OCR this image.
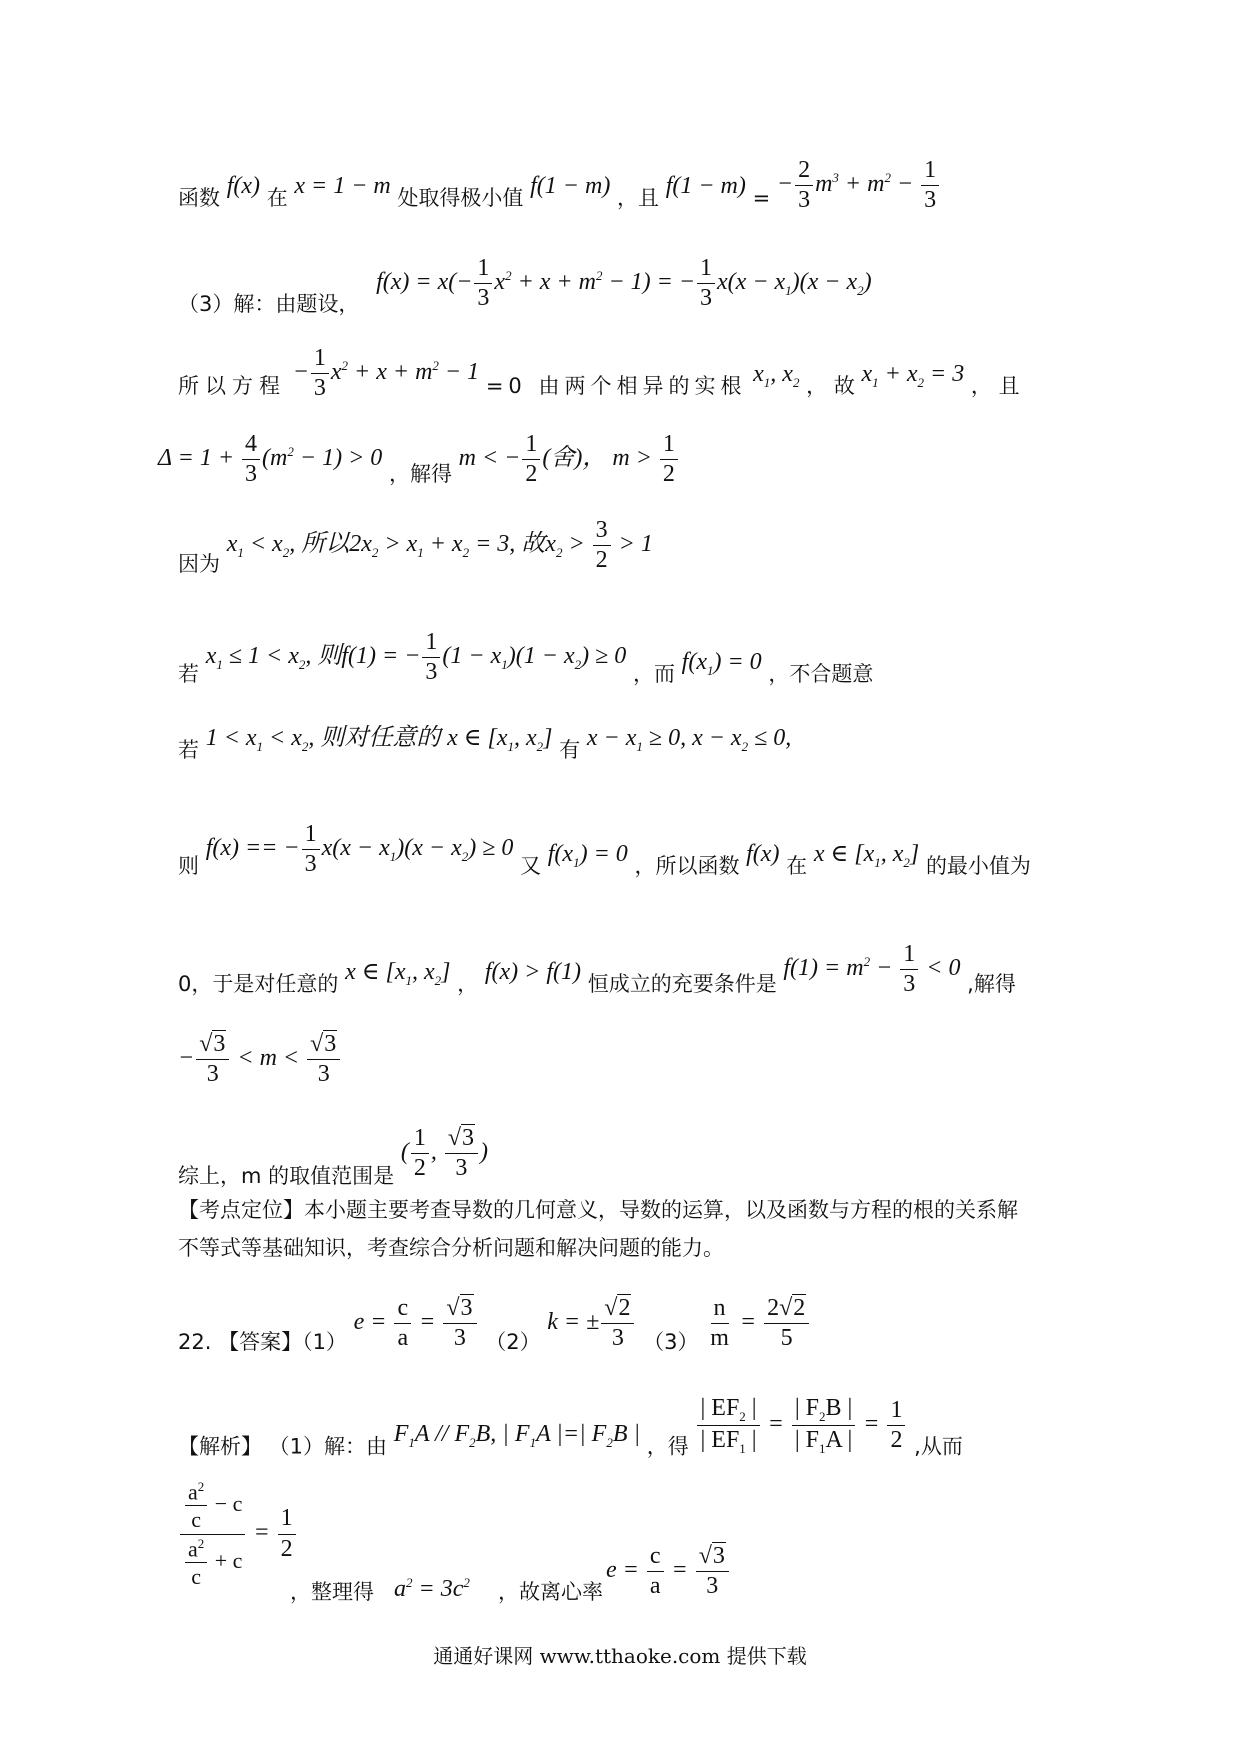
函数 f(x) 在 x = 1 − m 处取得极小值 f(1 − m) ，且 f(1 − m) = − $\frac{2}{3} m^3 + m^2 - \frac{1}{3}$
（3）解：由题设， $f(x) = x(- \frac{1}{3} x^2 + x + m^2 - 1)$ = − $\frac{1}{3} x(x - x_1)(x - x_2)$
所以方程 − $\frac{1}{3} x^2 + x + m^2 - 1 =0$ 由两个相异的实根 $x_1$, $x_2$ ， 故 $x_1 + x_2 = 3$ ， 且
$\Delta = 1 + \frac{4}{3} (m^2 - 1) > 0$ ，解得 m < − $\frac{1}{2}$ (舍)， $m > \frac{1}{2}$
因为 $x_1 < x_2$, 所以$2x_2 > x_1 + x_2 = 3$, 故$x_2 > \frac{3}{2} > 1$
若 $x_1 \le 1 < x_2$, 则f(1) = − $\frac{1}{3} (1 - x_1)(1 - x_2) \ge 0$ ，而 $f(x_1) = 0$ ，不合题意
若 $1 < x_1 < x_2$, 则对任意的 x ∈ [$x_1$, $x_2$] 有 $x - x_1 \ge 0$, $x - x_2 \le 0$,
则 f(x) == − $\frac{1}{3} x(x - x_1)(x - x_2) \ge 0$ 又 $f(x_1) = 0$ ，所以函数 f(x) 在 x ∈ [$x_1$, $x_2$] 的最小值为
0，于是对任意的 x ∈ [$x_1$, $x_2$] ， f(x) > f(1) 恒成立的充要条件是 $f(1) = m^2 - \frac{1}{3} < 0$ ,解得
− $\frac{√3}{3} < m < \frac{√3}{3}$
综上，m 的取值范围是 ( $\frac{1}{2}$ , $\frac{√3}{3}$ )
【考点定位】本小题主要考查导数的几何意义，导数的运算，以及函数与方程的根的关系解
不等式等基础知识，考查综合分析问题和解决问题的能力。
22. 【答案】（1） $e = \frac{c}{a} = \frac{√3}{3} (2) k$ = ± $\frac{√2}{3} (3) \frac{n}{m} = \frac{2√2}{5}$
【解析】 （1）解：由 $F_1A // F_2B$, | $F_1A$ |=| $F_2B$ | ，得 $\frac{| EF_2 |}{| EF_1 |} = \frac{| F_2B |}{| F_1A |} = \frac{1}{2}$ ,从而
$\frac{\frac{a^2}{c} - c}{\frac{a^2}{c} + c} = \frac{1}{2}$
，整理得 $a^2 = 3c^2$ ，故离心率
$e = \frac{c}{a} = \frac{√3}{3}$
通通好课网 www.tthaoke.com 提供下载
